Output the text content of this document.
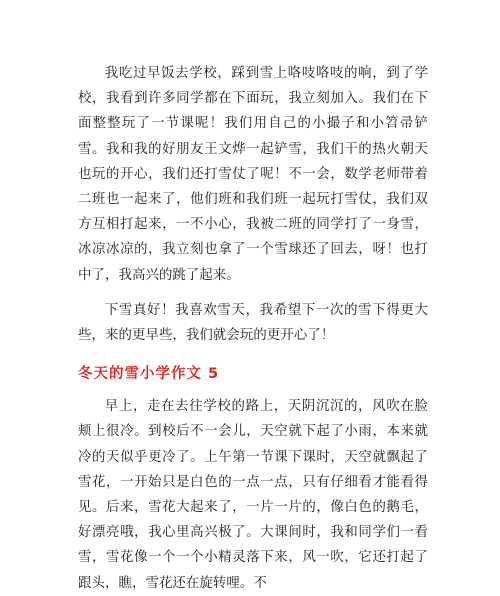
我吃过早饭去学校，踩到雪上咯吱咯吱的响，到了学校，我看到许多同学都在下面玩，我立刻加入。我们在下面整整玩了一节课呢！我们用自己的小撮子和小笤帚铲雪。我和我的好朋友王文烨一起铲雪，我们干的热火朝天也玩的开心，我们还打雪仗了呢！不一会，数学老师带着二班也一起来了，他们班和我们班一起玩打雪仗，我们双方互相打起来，一不小心，我被二班的同学打了一身雪，冰凉冰凉的，我立刻也拿了一个雪球还了回去，呀！也打中了，我高兴的跳了起来。

下雪真好！我喜欢雪天，我希望下一次的雪下得更大些，来的更早些，我们就会玩的更开心了！

冬天的雪小学作文 5

早上，走在去往学校的路上，天阴沉沉的，风吹在脸颊上很冷。到校后不一会儿，天空就下起了小雨，本来就冷的天似乎更冷了。上午第一节课下课时，天空就飘起了雪花，一开始只是白色的一点一点，只有仔细看才能看得见。后来，雪花大起来了，一片一片的，像白色的鹅毛，好漂亮哦，我心里高兴极了。大课间时，我和同学们一看雪，雪花像一个一个小精灵落下来，风一吹，它还打起了跟头，瞧，雪花还在旋转哩。不
